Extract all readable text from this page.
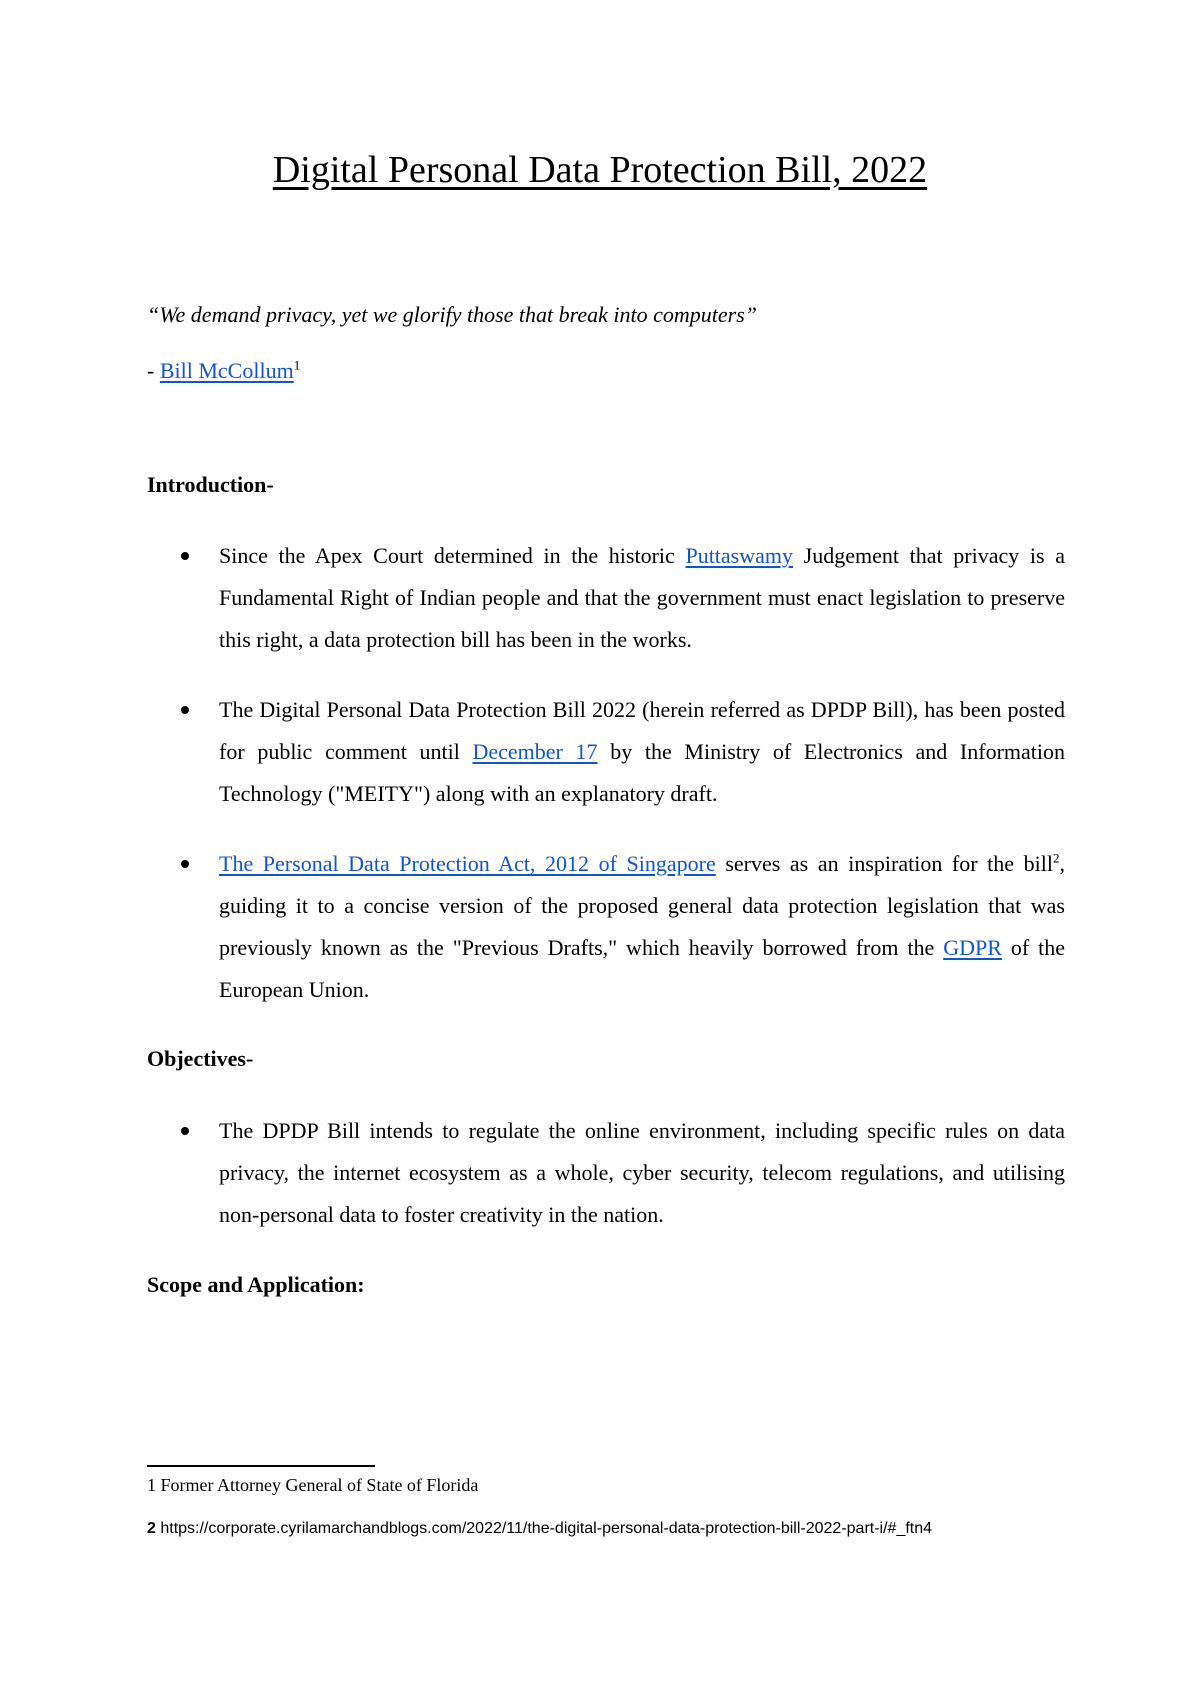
Digital Personal Data Protection Bill, 2022
“We demand privacy, yet we glorify those that break into computers”
- Bill McCollum$^1$
Introduction-
Since the Apex Court determined in the historic Puttaswamy Judgement that privacy is a Fundamental Right of Indian people and that the government must enact legislation to preserve this right, a data protection bill has been in the works.
The Digital Personal Data Protection Bill 2022 (herein referred as DPDP Bill), has been posted for public comment until December 17 by the Ministry of Electronics and Information Technology ("MEITY") along with an explanatory draft.
The Personal Data Protection Act, 2012 of Singapore serves as an inspiration for the bill$^2$, guiding it to a concise version of the proposed general data protection legislation that was previously known as the "Previous Drafts," which heavily borrowed from the GDPR of the European Union.
Objectives-
The DPDP Bill intends to regulate the online environment, including specific rules on data privacy, the internet ecosystem as a whole, cyber security, telecom regulations, and utilising non-personal data to foster creativity in the nation.
Scope and Application:
1 Former Attorney General of State of Florida
2 https://corporate.cyrilamarchandblogs.com/2022/11/the-digital-personal-data-protection-bill-2022-part-i/#_ftn4
